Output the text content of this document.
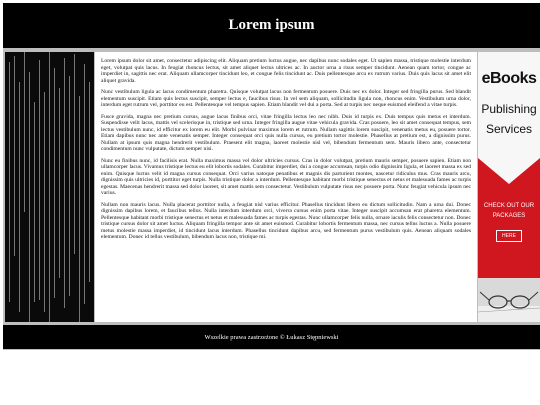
Lorem ipsum

Lorem ipsum dolor sit amet, consectetur adipiscing elit. Aliquam pretium luctus augue, nec dapibus nunc sodales eget. Ut sapien massa, tristique molestie interdum eget, volutpat quis lacus. In feugiat rhoncus lectus, sit amet aliquet lectus ultrices ac. In auctor urna a risus semper tincidunt. Aenean quam tortor, congue ac imperdiet in, sagittis nec erat. Aliquam ullamcorper tincidunt leo, et congue felis tincidunt ac. Duis pellentesque arcu ex rutrum varius. Duis quis lacus sit amet elit aliquet gravida.

Nunc vestibulum ligula ac lacus condimentum pharetra. Quisque volutpat lacus non fermentum posuere. Duis nec ex dolor. Integer sed fringilla purus. Sed blandit elementum suscipit. Etiam quis lectus suscipit, semper lectus e, faucibus risus. In vel sem aliquam, sollicitudin ligula non, rhoncus enim. Vestibulum urna dolor, interdum eget rutrum vel, porttitor eu est. Pellentesque vel tempus sapien. Etiam blandit vel dui a porta. Sed at turpis nec neque euismod eleifend a vitae turpis.

Fusce gravida, magna nec pretium cursus, augue lacus finibus orci, vitae fringilla lectus leo nec nibh. Duis id turpis ex. Duis tempus quis metus et interdum. Suspendisse velit lacus, mattis vel scelerisque in, tristique sed urna. Integer fringilla augue vitae vehicula gravida. Cras posuere, leo sit amet consequat tempus, sem lectus vestibulum nunc, id efficitur ex lorem eu elit. Morbi pulvinar maximus lorem et rutrum. Nullam sagittis lorem suscipit, venenatis metus eu, posuere tortor. Etiam dapibus nunc nec ante venenatis semper. Integer consequat orci quis nulla cursus, eu pretium tortor molestie. Phasellus at pretium est, a dignissim purus. Nullam at ipsum quis magna hendrerit vestibulum. Praesent elit magna, laoreet molestie nisl vel, bibendum fermentum sem. Mauris libero ante, consectetur condimentum nunc vulputate, dictum semper nisi.

Nunc eu finibus nunc, id facilisis erat. Nulla maximus massa vel dolor ultricies cursus. Cras in dolor volutpat, pretium mauris semper, posuere sapien. Etiam non ullamcorper lacus. Vivamus tristique lectus eu elit lobortis sodales. Curabitur imperdiet, dui a congue accumsan, turpis odio dignissim ligula, et laoreet massa ex sed enim. Quisque luctus velit id magna cursus consequat. Orci varius natoque penatibus et magnis dis parturient montes, nascetur ridiculus mus. Cras mauris arcu, dignissim quis ultricies id, porttitor eget turpis. Nulla tristique dolor a interdum. Pellentesque habitant morbi tristique senectus et netus et malesuada fames ac turpis egestas. Maecenas hendrerit massa sed dolor laoreet, sit amet mattis sem consectetur. Vestibulum vulputate risus nec posuere porta. Nunc feugiat vehicula ipsum nec varius.

Nullam non mauris lacus. Nulla placerat porttitor nulla, a feugiat nisl varius efficitur. Phasellus tincidunt libero eu dictum sollicitudin. Nam a urna dui. Donec dignissim dapibus lorem, et faucibus tellus. Nulla interdum interdum orci, viverra cursus enim porta vitae. Integer suscipit accumsan erat pharetra elementum. Pellentesque habitant morbi tristique senectus et netus et malesuada fames ac turpis egestas. Nunc ullamcorper felis nulla, ornare iaculis felis consectetur non. Donec tristique cursus dolor sit amet luctus. Aliquam fringilla tempor ante sit amet euismod. Curabitur lobortis fermentum massa, nec cursus tellus luctus a. Nulla posuere metus molestie massa imperdiet, id tincidunt lacus interdum. Phasellus tincidunt dapibus arcu, sed fermentum purus vestibulum quis. Aenean aliquam sodales elementum. Donec id tellus vestibulum, bibendum lacus non, tristique mi.

eBooks
Publishing
Services
CHECK OUT OUR PACKAGES
HERE
Wszelkie prawa zastrzeżone © Łukasz Stępniewski
